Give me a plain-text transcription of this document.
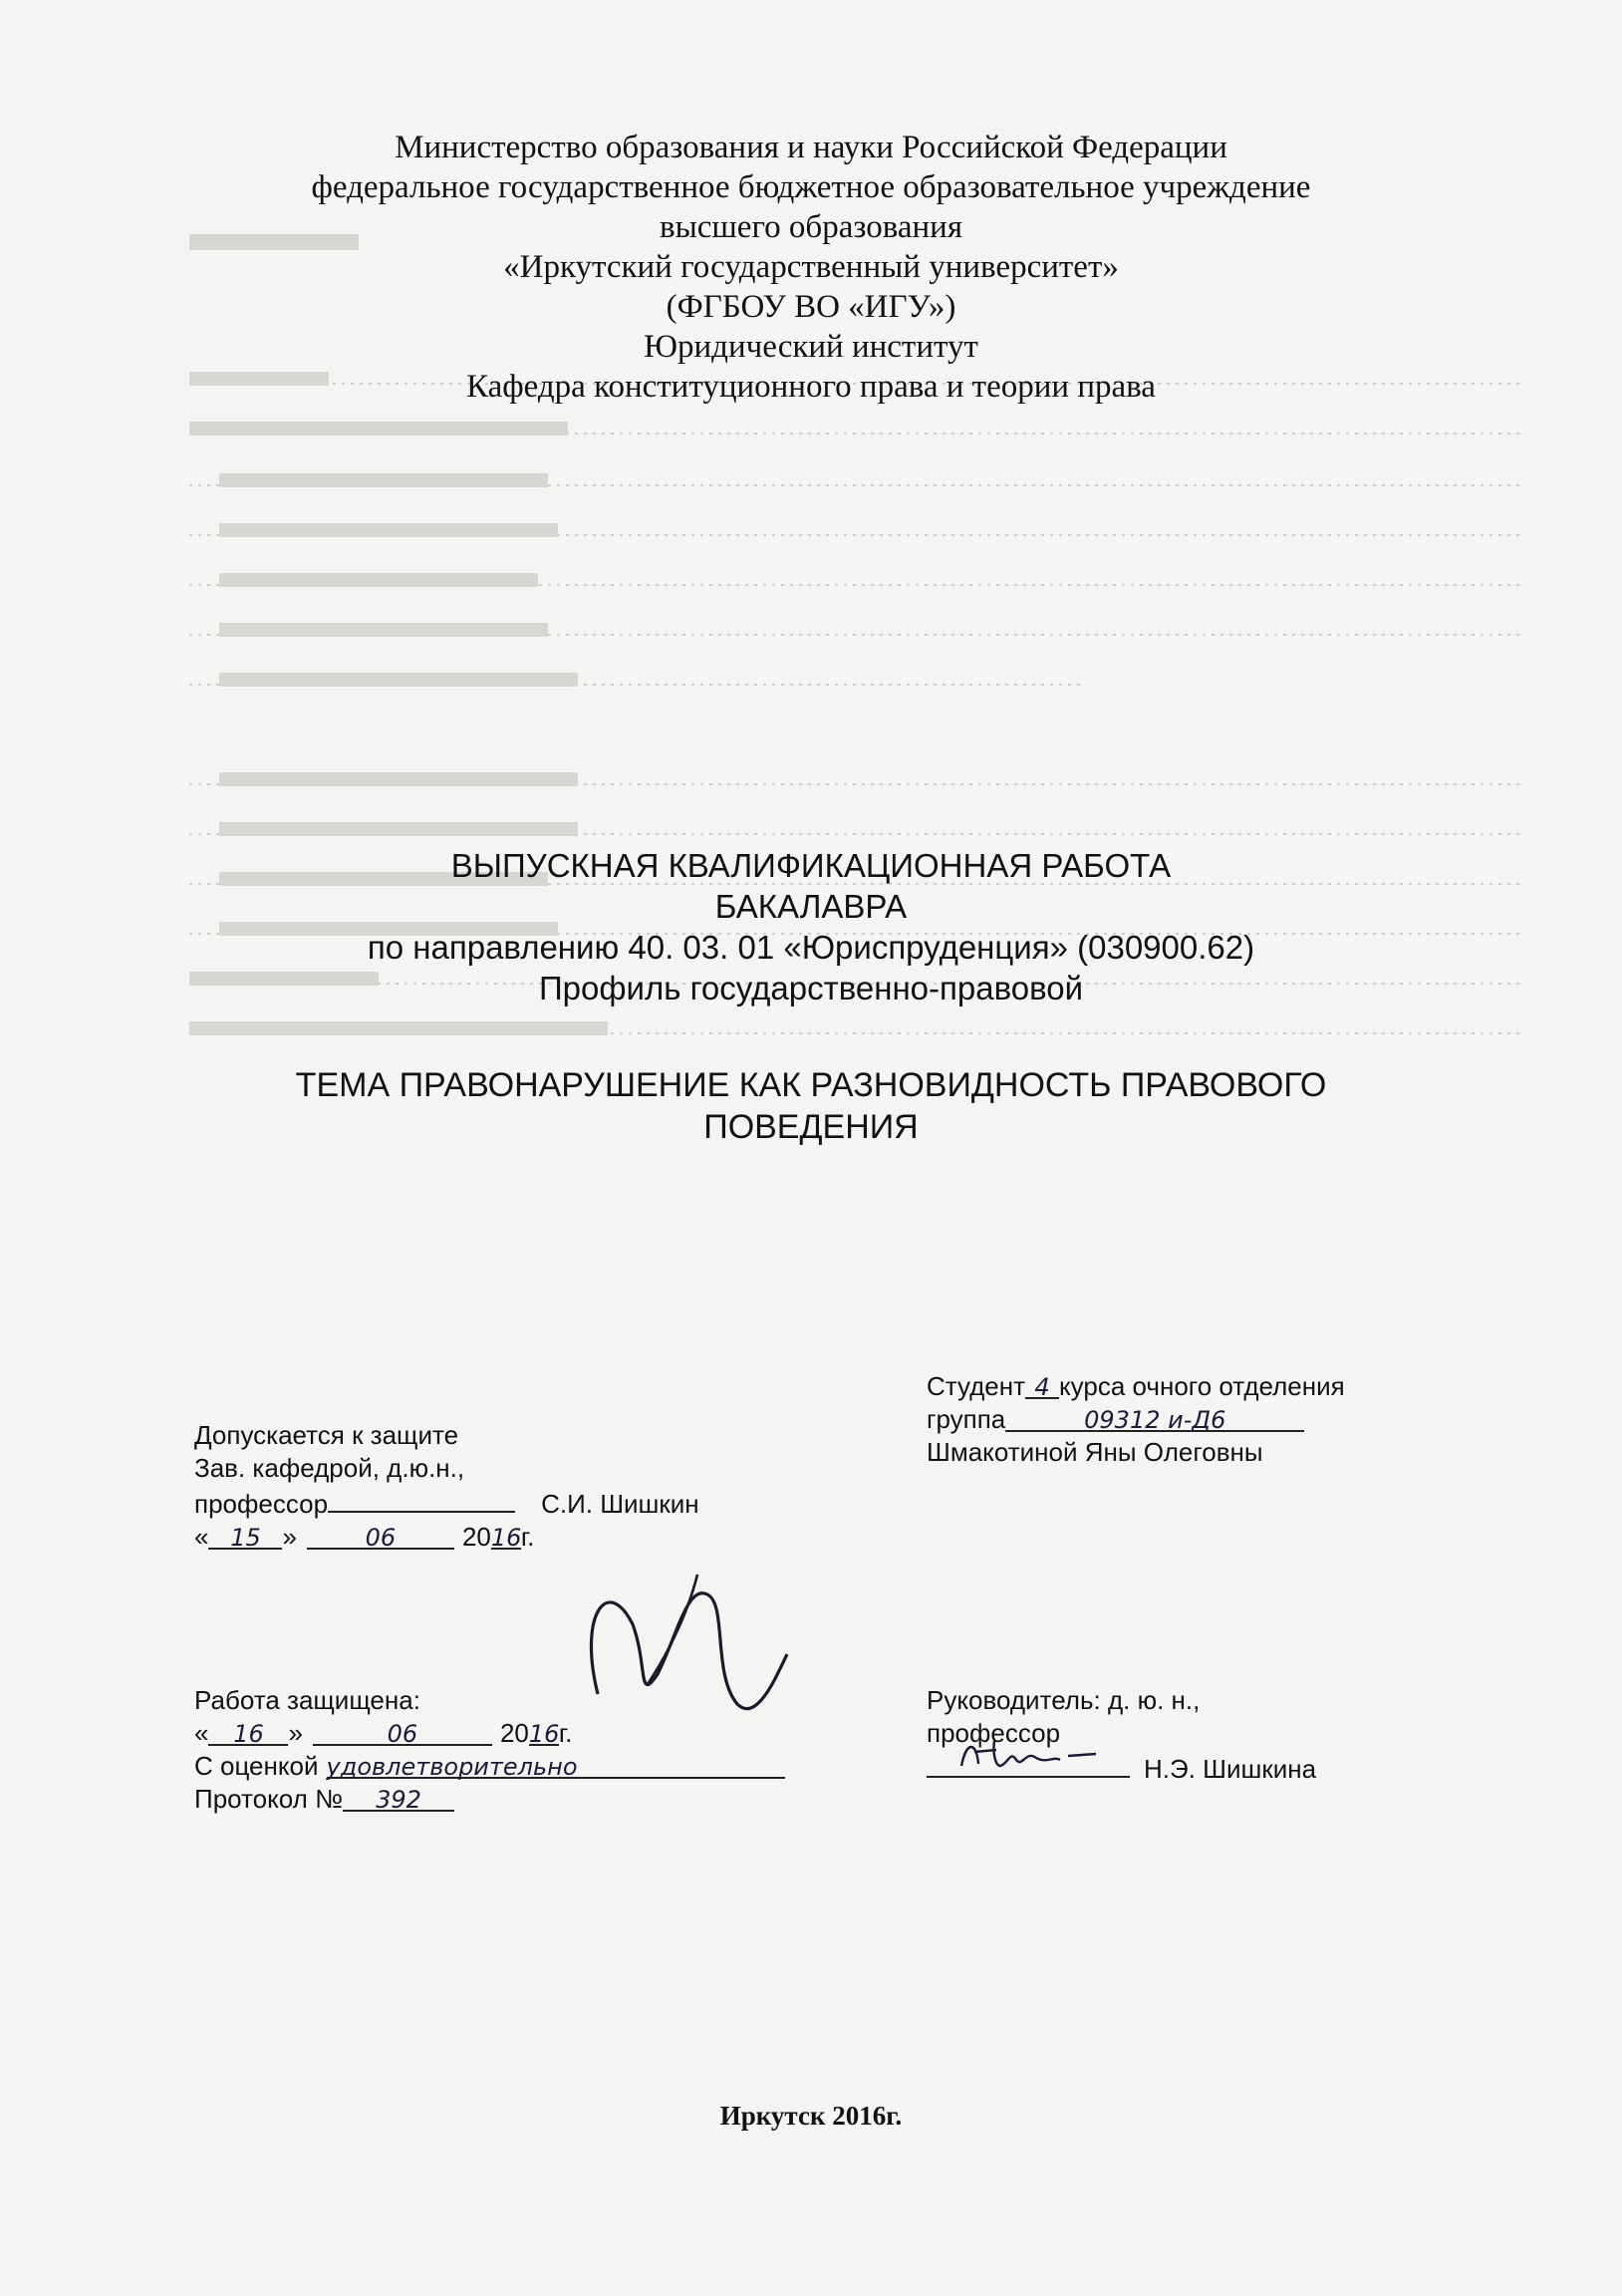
Министерство образования и науки Российской Федерации
федеральное государственное бюджетное образовательное учреждение
высшего образования
«Иркутский государственный университет»
(ФГБОУ ВО «ИГУ»)
Юридический институт
Кафедра конституционного права и теории права
ВЫПУСКНАЯ КВАЛИФИКАЦИОННАЯ РАБОТА
БАКАЛАВРА
по направлению 40. 03. 01 «Юриспруденция» (030900.62)
Профиль государственно-правовой
ТЕМА ПРАВОНАРУШЕНИЕ КАК РАЗНОВИДНОСТЬ ПРАВОВОГО
ПОВЕДЕНИЯ
Студент 4 курса очного отделения
группа	09312 и-Д6
Шмакотиной Яны Олеговны
Допускается к защите
Зав. кафедрой, д.ю.н.,
профессор	С.И. Шишкин
« 15 »	06	2016г.
Работа защищена:
« 16 »	06	2016г.
С оценкой удовлетворительно
Протокол № 392
Руководитель: д. ю. н.,
профессор
Н.Э. Шишкина
Иркутск 2016г.
